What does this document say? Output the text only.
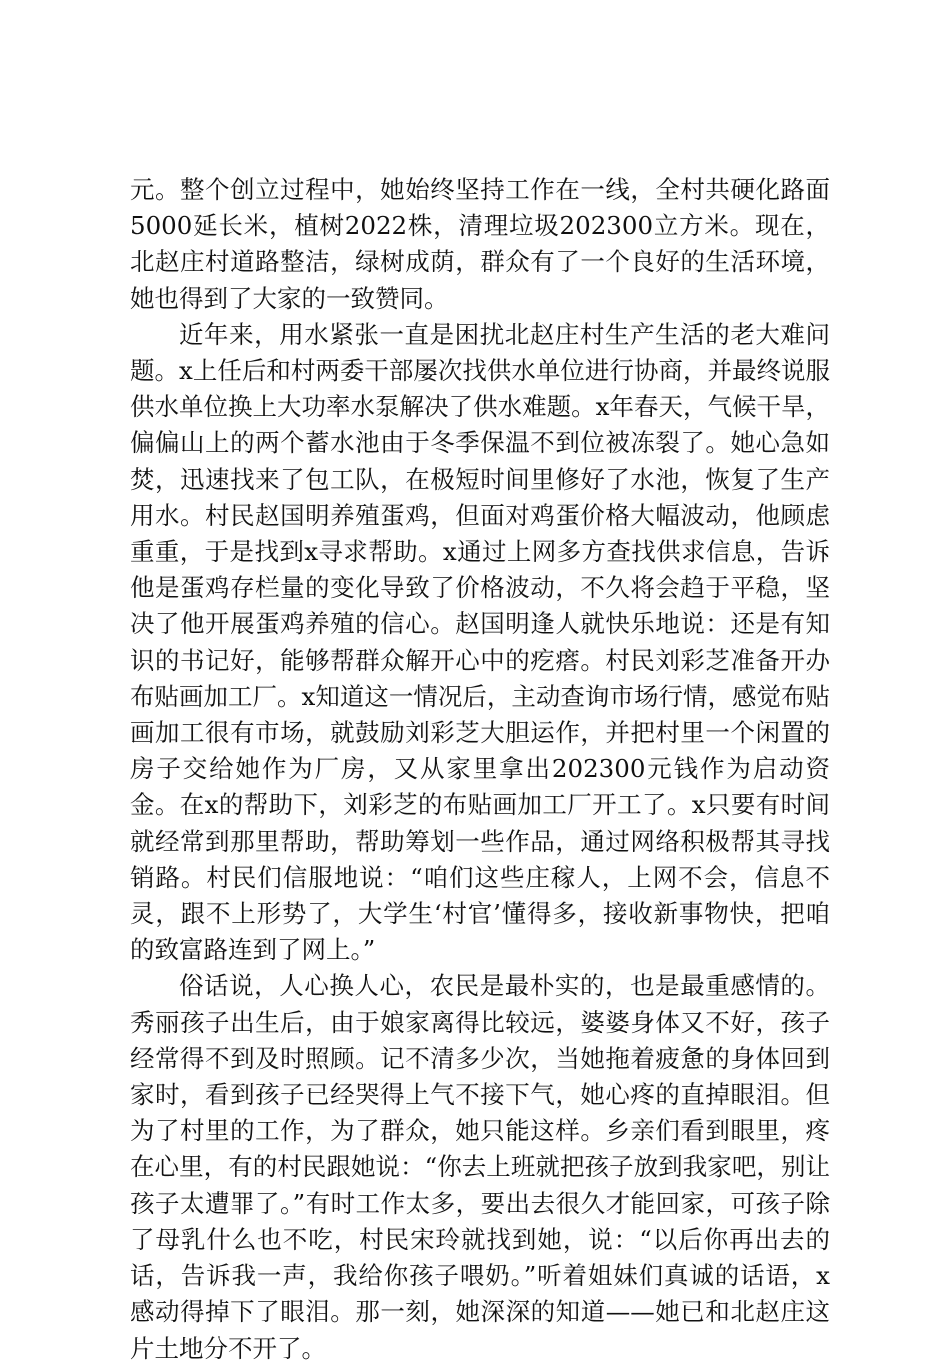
元。整个创立过程中，她始终坚持工作在一线，全村共硬化路面5000延长米，植树2022株，清理垃圾202300立方米。现在，北赵庄村道路整洁，绿树成荫，群众有了一个良好的生活环境，她也得到了大家的一致赞同。

近年来，用水紧张一直是困扰北赵庄村生产生活的老大难问题。x上任后和村两委干部屡次找供水单位进行协商，并最终说服供水单位换上大功率水泵解决了供水难题。x年春天，气候干旱，偏偏山上的两个蓄水池由于冬季保温不到位被冻裂了。她心急如焚，迅速找来了包工队，在极短时间里修好了水池，恢复了生产用水。村民赵国明养殖蛋鸡，但面对鸡蛋价格大幅波动，他顾虑重重，于是找到x寻求帮助。x通过上网多方查找供求信息，告诉他是蛋鸡存栏量的变化导致了价格波动，不久将会趋于平稳，坚决了他开展蛋鸡养殖的信心。赵国明逢人就快乐地说：还是有知识的书记好，能够帮群众解开心中的疙瘩。村民刘彩芝准备开办布贴画加工厂。x知道这一情况后，主动查询市场行情，感觉布贴画加工很有市场，就鼓励刘彩芝大胆运作，并把村里一个闲置的房子交给她作为厂房，又从家里拿出202300元钱作为启动资金。在x的帮助下，刘彩芝的布贴画加工厂开工了。x只要有时间就经常到那里帮助，帮助筹划一些作品，通过网络积极帮其寻找销路。村民们信服地说：“咱们这些庄稼人，上网不会，信息不灵，跟不上形势了，大学生‘村官’懂得多，接收新事物快，把咱的致富路连到了网上。”

俗话说，人心换人心，农民是最朴实的，也是最重感情的。秀丽孩子出生后，由于娘家离得比较远，婆婆身体又不好，孩子经常得不到及时照顾。记不清多少次，当她拖着疲惫的身体回到家时，看到孩子已经哭得上气不接下气，她心疼的直掉眼泪。但为了村里的工作，为了群众，她只能这样。乡亲们看到眼里，疼在心里，有的村民跟她说：“你去上班就把孩子放到我家吧，别让孩子太遭罪了。”有时工作太多，要出去很久才能回家，可孩子除了母乳什么也不吃，村民宋玲就找到她，说：“以后你再出去的话，告诉我一声，我给你孩子喂奶。”听着姐妹们真诚的话语，x感动得掉下了眼泪。那一刻，她深深的知道——她已和北赵庄这片土地分不开了。
